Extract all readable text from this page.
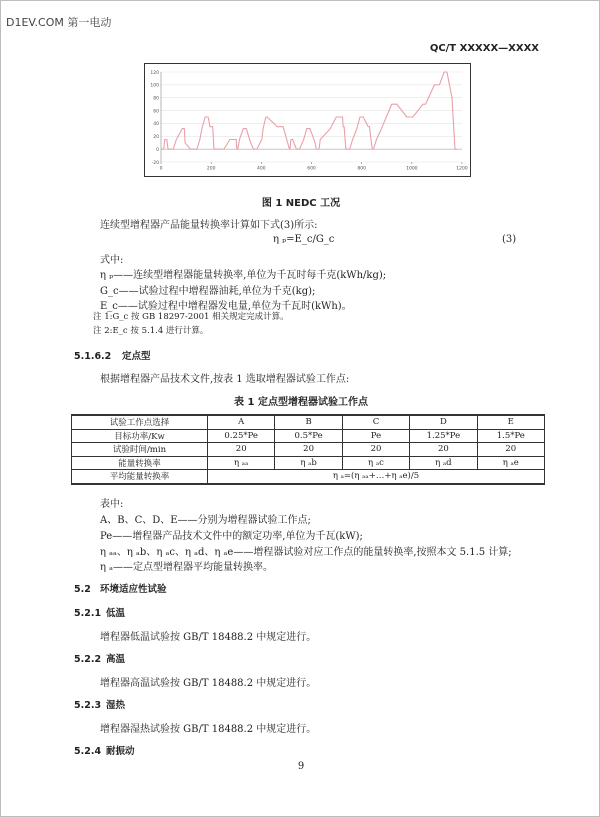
D1EV.COM 第一电动
QC/T XXXXX—XXXX
120
100
80
60
40
20
0
-20
0	200	400	600	800	1000	1200
图 1 NEDC 工况
连续型增程器产品能量转换率计算如下式(3)所示:
η ₚ=E_c/G_c	(3)
式中:
η ₚ——连续型增程器能量转换率,单位为千瓦时每千克(kWh/kg);
G_c——试验过程中增程器油耗,单位为千克(kg);
E_c——试验过程中增程器发电量,单位为千瓦时(kWh)。
注 1:G_c 按 GB 18297-2001 相关规定完成计算。
注 2:E_c 按 5.1.4 进行计算。
5.1.6.2 定点型
根据增程器产品技术文件,按表 1 选取增程器试验工作点:
表 1 定点型增程器试验工作点
试验工作点选择	A	B	C	D	E
目标功率/Kw	0.25*Pe	0.5*Pe	Pe	1.25*Pe	1.5*Pe
试验时间/min	20	20	20	20	20
能量转换率	η ₐₐ	η ₐb	η ₐc	η ₐd	η ₐe
平均能量转换率	η ₐ=(η ₐₐ+…+η ₐe)/5				
表中:
A、B、C、D、E——分别为增程器试验工作点;
Pe——增程器产品技术文件中的额定功率,单位为千瓦(kW);
η ₐₐ、η ₐb、η ₐc、η ₐd、η ₐe——增程器试验对应工作点的能量转换率,按照本文 5.1.5 计算;
η ₐ——定点型增程器平均能量转换率。
5.2 环境适应性试验
5.2.1 低温
增程器低温试验按 GB/T 18488.2 中规定进行。
5.2.2 高温
增程器高温试验按 GB/T 18488.2 中规定进行。
5.2.3 湿热
增程器湿热试验按 GB/T 18488.2 中规定进行。
5.2.4 耐振动
9
